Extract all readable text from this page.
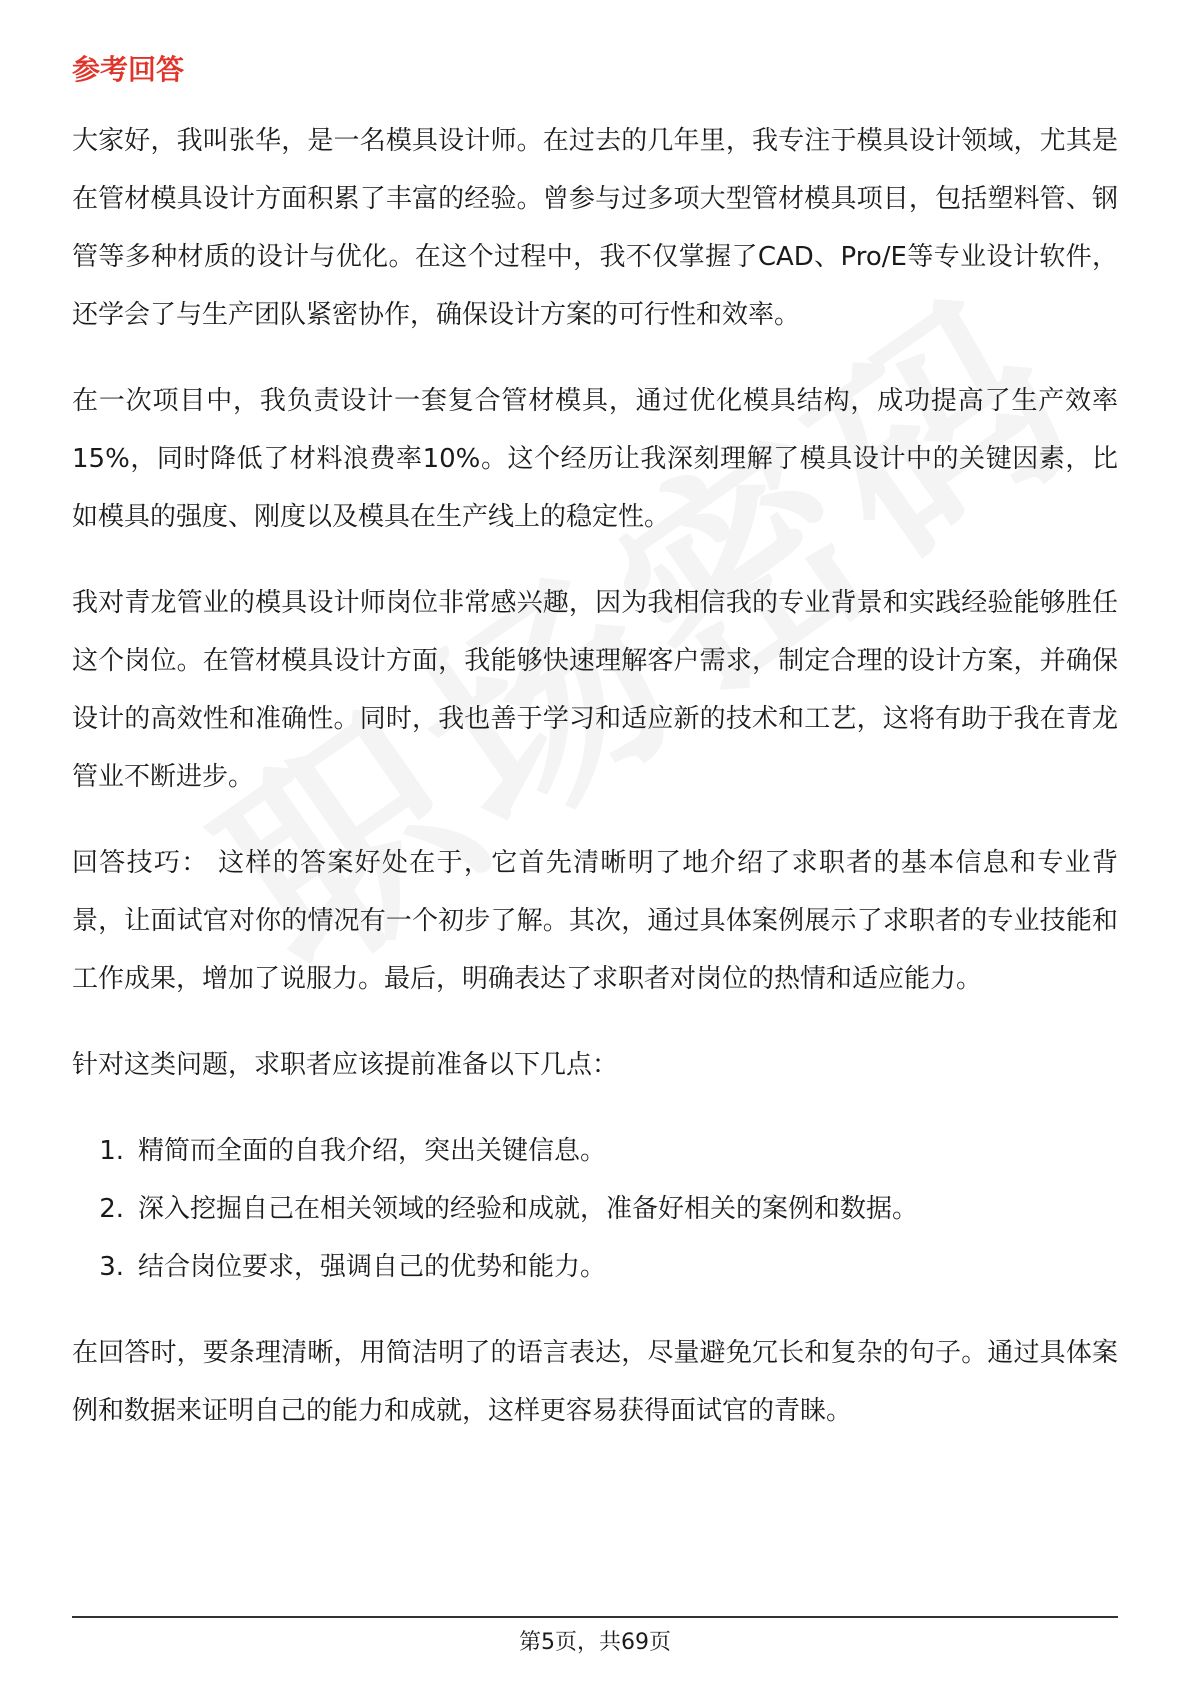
参考回答

大家好，我叫张华，是一名模具设计师。在过去的几年里，我专注于模具设计领域，尤其是在管材模具设计方面积累了丰富的经验。曾参与过多项大型管材模具项目，包括塑料管、钢管等多种材质的设计与优化。在这个过程中，我不仅掌握了CAD、Pro/E等专业设计软件，还学会了与生产团队紧密协作，确保设计方案的可行性和效率。

在一次项目中，我负责设计一套复合管材模具，通过优化模具结构，成功提高了生产效率15%，同时降低了材料浪费率10%。这个经历让我深刻理解了模具设计中的关键因素，比如模具的强度、刚度以及模具在生产线上的稳定性。

我对青龙管业的模具设计师岗位非常感兴趣，因为我相信我的专业背景和实践经验能够胜任这个岗位。在管材模具设计方面，我能够快速理解客户需求，制定合理的设计方案，并确保设计的高效性和准确性。同时，我也善于学习和适应新的技术和工艺，这将有助于我在青龙管业不断进步。

回答技巧： 这样的答案好处在于，它首先清晰明了地介绍了求职者的基本信息和专业背景，让面试官对你的情况有一个初步了解。其次，通过具体案例展示了求职者的专业技能和工作成果，增加了说服力。最后，明确表达了求职者对岗位的热情和适应能力。

针对这类问题，求职者应该提前准备以下几点：

1. 精简而全面的自我介绍，突出关键信息。
2. 深入挖掘自己在相关领域的经验和成就，准备好相关的案例和数据。
3. 结合岗位要求，强调自己的优势和能力。

在回答时，要条理清晰，用简洁明了的语言表达，尽量避免冗长和复杂的句子。通过具体案例和数据来证明自己的能力和成就，这样更容易获得面试官的青睐。

第5页，共69页
